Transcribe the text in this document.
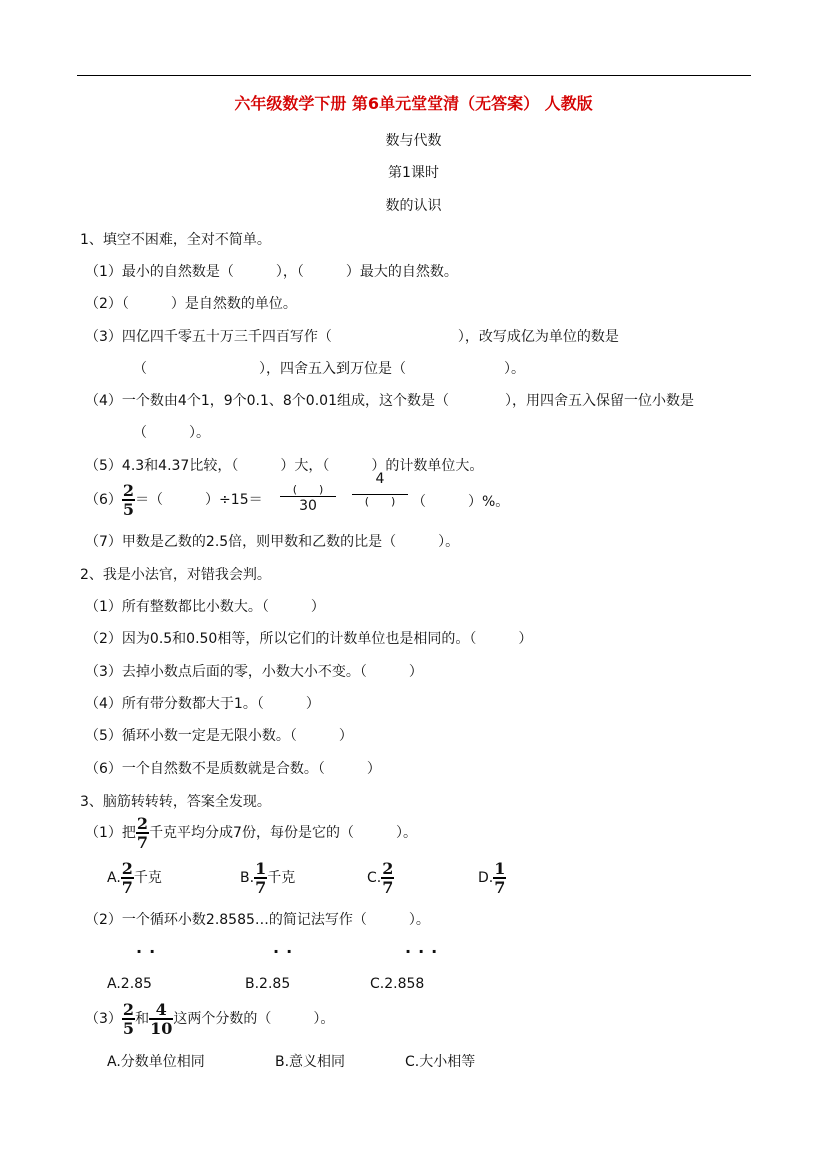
六年级数学下册 第6单元堂堂清（无答案） 人教版
数与代数
第1课时
数的认识
1、填空不困难，全对不简单。
（1）最小的自然数是（　　　），（　　　）最大的自然数。
（2）（　　　）是自然数的单位。
（3）四亿四千零五十万三千四百写作（　　　　　　　　　），改写成亿为单位的数是
（　　　　　　　　），四舍五入到万位是（　　　　　　　）。
（4）一个数由4个1，9个0.1、8个0.01组成，这个数是（　　　　），用四舍五入保留一位小数是
（　　　）。
（5）4.3和4.37比较，（　　　）大，（　　　）的计数单位大。
$(6) \frac{2}{5}$ ＝（　　　）÷15＝
(　　)
30
4
(　　)	（　　　）%。
（7）甲数是乙数的2.5倍，则甲数和乙数的比是（　　　）。
2、我是小法官，对错我会判。
（1）所有整数都比小数大。（　　　）
（2）因为0.5和0.50相等，所以它们的计数单位也是相同的。（　　　）
（3）去掉小数点后面的零，小数大小不变。（　　　）
（4）所有带分数都大于1。（　　　）
（5）循环小数一定是无限小数。（　　　）
（6）一个自然数不是质数就是合数。（　　　）
3、脑筋转转转，答案全发现。
（1）把 $\frac{2}{7}$ 千克平均分成7份，每份是它的（　　　）。
A. $\frac{2}{7}$ 千克	B. $\frac{1}{7}$ 千克	C. $\frac{2}{7}$	D. $\frac{1}{7}$
（2）一个循环小数2.8585…的简记法写作（　　　）。
··	··	···
A.2.85	B.2.85	C.2.858
$(3) \frac{2}{5}$ 和 $\frac{4}{10}$ 这两个分数的（　　　）。
A.分数单位相同	B.意义相同	C.大小相等
